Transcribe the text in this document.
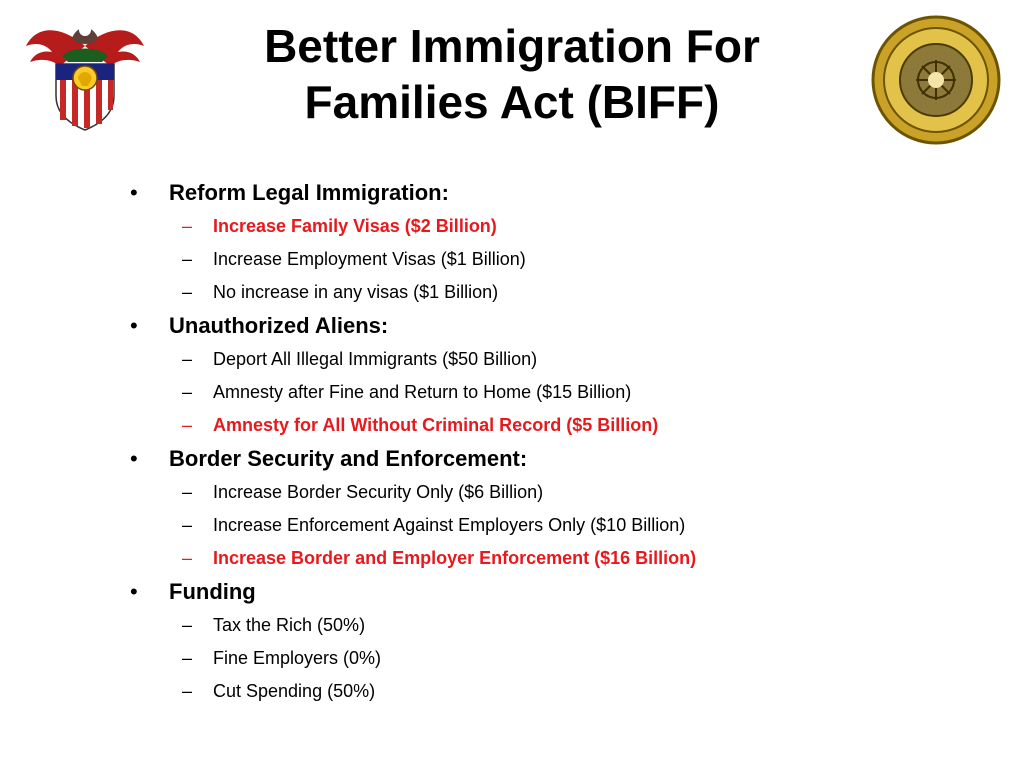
Better Immigration For
Families Act (BIFF)
•	Reform Legal Immigration:
– Increase Family Visas ($2 Billion)
– Increase Employment Visas ($1 Billion)
– No increase in any visas ($1 Billion)
•	Unauthorized Aliens:
– Deport All Illegal Immigrants ($50 Billion)
– Amnesty after Fine and Return to Home ($15 Billion)
– Amnesty for All Without Criminal Record ($5 Billion)
•	Border Security and Enforcement:
– Increase Border Security Only ($6 Billion)
– Increase Enforcement Against Employers Only ($10 Billion)
– Increase Border and Employer Enforcement ($16 Billion)
•	Funding
– Tax the Rich (50%)
– Fine Employers (0%)
– Cut Spending (50%)
